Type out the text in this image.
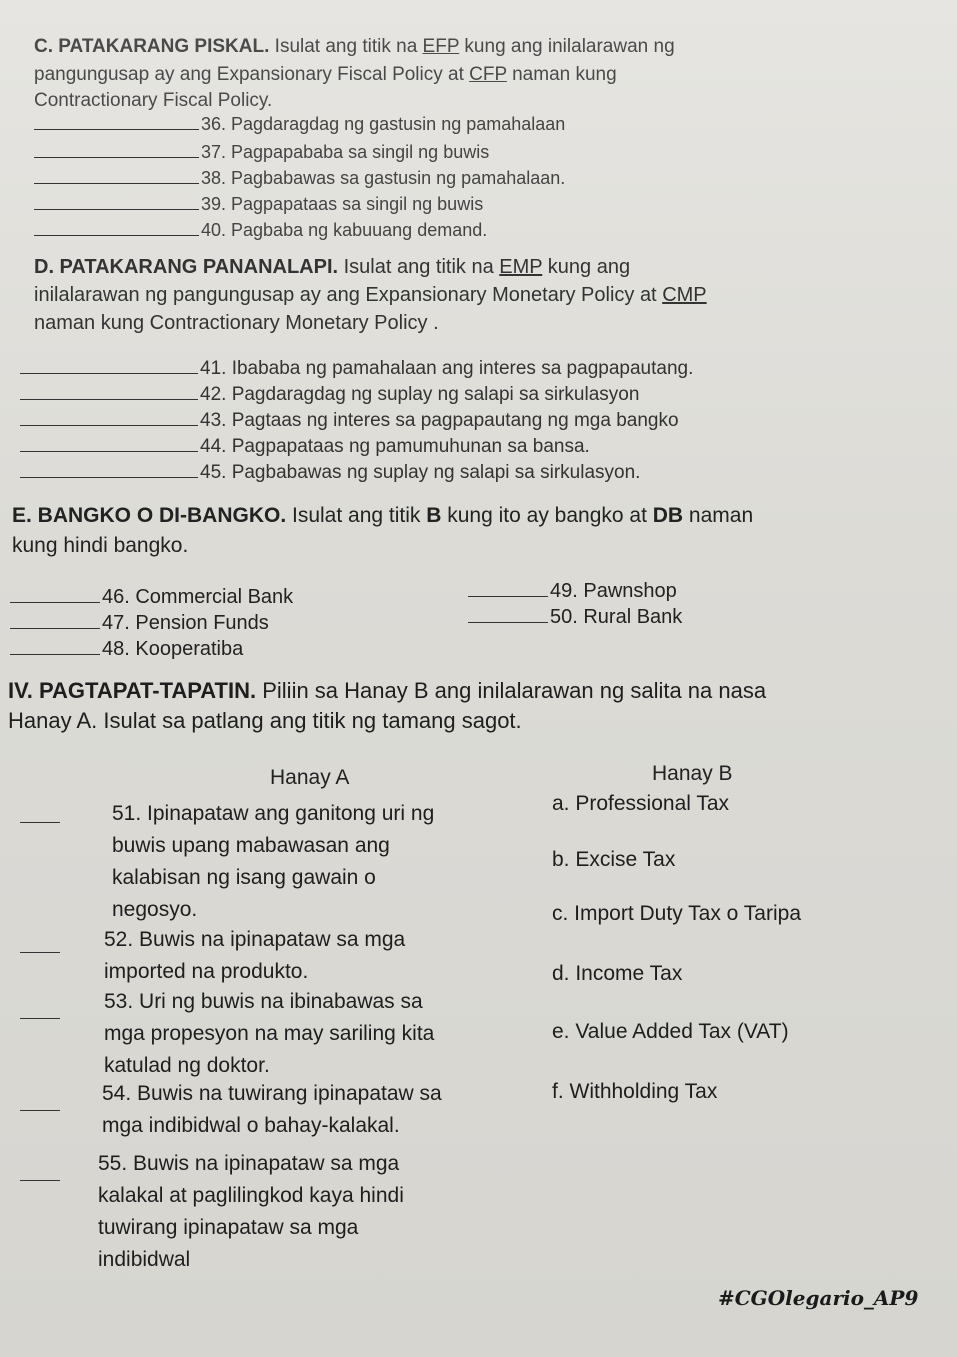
C. PATAKARANG PISKAL. Isulat ang titik na EFP kung ang inilalarawan ng
pangungusap ay ang Expansionary Fiscal Policy at CFP naman kung
Contractionary Fiscal Policy.
36. Pagdaragdag ng gastusin ng pamahalaan
37. Pagpapababa sa singil ng buwis
38. Pagbabawas sa gastusin ng pamahalaan.
39. Pagpapataas sa singil ng buwis
40. Pagbaba ng kabuuang demand.
D. PATAKARANG PANANALAPI. Isulat ang titik na EMP kung ang
inilalarawan ng pangungusap ay ang Expansionary Monetary Policy at CMP
naman kung Contractionary Monetary Policy .
41. Ibababa ng pamahalaan ang interes sa pagpapautang.
42. Pagdaragdag ng suplay ng salapi sa sirkulasyon
43. Pagtaas ng interes sa pagpapautang ng mga bangko
44. Pagpapataas ng pamumuhunan sa bansa.
45. Pagbabawas ng suplay ng salapi sa sirkulasyon.
E. BANGKO O DI-BANGKO. Isulat ang titik B kung ito ay bangko at DB naman
kung hindi bangko.
46. Commercial Bank
47. Pension Funds
48. Kooperatiba
49. Pawnshop
50. Rural Bank
IV. PAGTAPAT-TAPATIN. Piliin sa Hanay B ang inilalarawan ng salita na nasa
Hanay A. Isulat sa patlang ang titik ng tamang sagot.
Hanay A	Hanay B
51. Ipinapataw ang ganitong uri ng
buwis upang mabawasan ang
kalabisan ng isang gawain o
negosyo.
52. Buwis na ipinapataw sa mga
imported na produkto.
53. Uri ng buwis na ibinabawas sa
mga propesyon na may sariling kita
katulad ng doktor.
54. Buwis na tuwirang ipinapataw sa
mga indibidwal o bahay-kalakal.
55. Buwis na ipinapataw sa mga
kalakal at paglilingkod kaya hindi
tuwirang ipinapataw sa mga
indibidwal
a. Professional Tax
b. Excise Tax
c. Import Duty Tax o Taripa
d. Income Tax
e. Value Added Tax (VAT)
f. Withholding Tax
#CGOlegario_AP9
